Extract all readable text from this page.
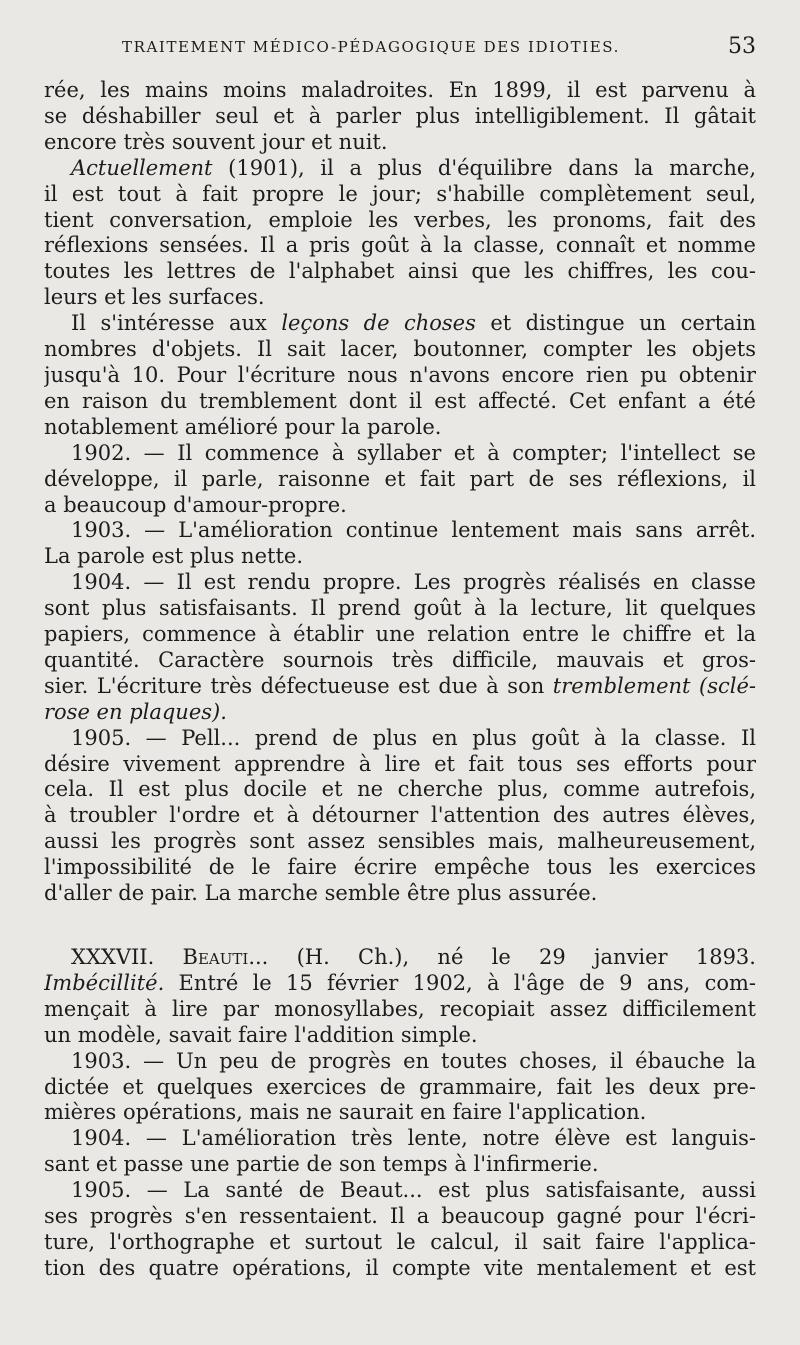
TRAITEMENT MÉDICO-PÉDAGOGIQUE DES IDIOTIES.	53
rée, les mains moins maladroites. En 1899, il est parvenu à
se déshabiller seul et à parler plus intelligiblement. Il gâtait
encore très souvent jour et nuit.
Actuellement (1901), il a plus d'équilibre dans la marche,
il est tout à fait propre le jour; s'habille complètement seul,
tient conversation, emploie les verbes, les pronoms, fait des
réflexions sensées. Il a pris goût à la classe, connaît et nomme
toutes les lettres de l'alphabet ainsi que les chiffres, les cou-
leurs et les surfaces.
Il s'intéresse aux leçons de choses et distingue un certain
nombres d'objets. Il sait lacer, boutonner, compter les objets
jusqu'à 10. Pour l'écriture nous n'avons encore rien pu obtenir
en raison du tremblement dont il est affecté. Cet enfant a été
notablement amélioré pour la parole.
1902. — Il commence à syllaber et à compter; l'intellect se
développe, il parle, raisonne et fait part de ses réflexions, il
a beaucoup d'amour-propre.
1903. — L'amélioration continue lentement mais sans arrêt.
La parole est plus nette.
1904. — Il est rendu propre. Les progrès réalisés en classe
sont plus satisfaisants. Il prend goût à la lecture, lit quelques
papiers, commence à établir une relation entre le chiffre et la
quantité. Caractère sournois très difficile, mauvais et gros-
sier. L'écriture très défectueuse est due à son tremblement (sclé-
rose en plaques).
1905. — Pell... prend de plus en plus goût à la classe. Il
désire vivement apprendre à lire et fait tous ses efforts pour
cela. Il est plus docile et ne cherche plus, comme autrefois,
à troubler l'ordre et à détourner l'attention des autres élèves,
aussi les progrès sont assez sensibles mais, malheureusement,
l'impossibilité de le faire écrire empêche tous les exercices
d'aller de pair. La marche semble être plus assurée.
XXXVII. Beauti... (H. Ch.), né le 29 janvier 1893.
Imbécillité. Entré le 15 février 1902, à l'âge de 9 ans, com-
mençait à lire par monosyllabes, recopiait assez difficilement
un modèle, savait faire l'addition simple.
1903. — Un peu de progrès en toutes choses, il ébauche la
dictée et quelques exercices de grammaire, fait les deux pre-
mières opérations, mais ne saurait en faire l'application.
1904. — L'amélioration très lente, notre élève est languis-
sant et passe une partie de son temps à l'infirmerie.
1905. — La santé de Beaut... est plus satisfaisante, aussi
ses progrès s'en ressentaient. Il a beaucoup gagné pour l'écri-
ture, l'orthographe et surtout le calcul, il sait faire l'applica-
tion des quatre opérations, il compte vite mentalement et est
